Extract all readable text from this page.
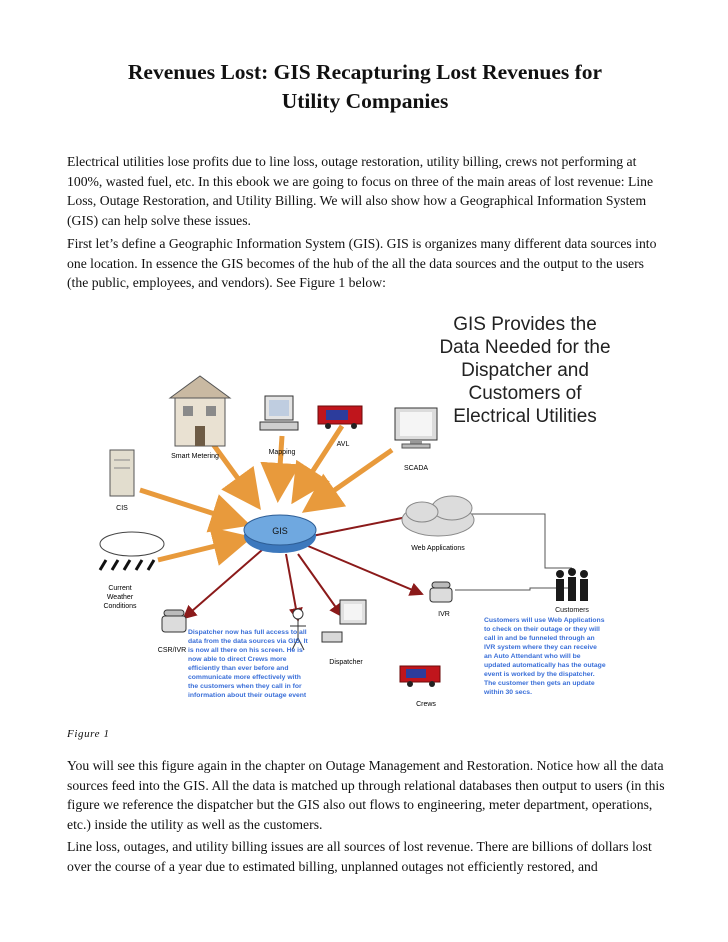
Revenues Lost: GIS Recapturing Lost Revenues for
Utility Companies

Electrical utilities lose profits due to line loss, outage restoration, utility billing, crews not performing at 100%, wasted fuel, etc. In this ebook we are going to focus on three of the main areas of lost revenue: Line Loss, Outage Restoration, and Utility Billing. We will also show how a Geographical Information System (GIS) can help solve these issues.

First let’s define a Geographic Information System (GIS). GIS is organizes many different data sources into one location. In essence the GIS becomes of the hub of the all the data sources and the output to the users (the public, employees, and vendors). See Figure 1 below:

GIS Provides the
Data Needed for the
Dispatcher and
Customers of
Electrical Utilities
GIS
Smart Metering
Mapping
AVL
SCADA
CIS
Current
Weather
Conditions
CSR/IVR
Dispatcher
Web Applications
IVR
Crews
Customers
Dispatcher now has full access to all
data from the data sources via GIS. It
is now all there on his screen. He is
now able to direct Crews more
efficiently than ever before and
communicate more effectively with
the customers when they call in for
information about their outage event
Customers will use Web Applications
to check on their outage or they will
call in and be funneled through an
IVR system where they can receive
an Auto Attendant who will be
updated automatically has the outage
event is worked by the dispatcher.
The customer then gets an update
within 30 secs.
Figure 1

You will see this figure again in the chapter on Outage Management and Restoration. Notice how all the data sources feed into the GIS. All the data is matched up through relational databases then output to users (in this figure we reference the dispatcher but the GIS also out flows to engineering, meter department, operations, etc.) inside the utility as well as the customers.

Line loss, outages, and utility billing issues are all sources of lost revenue. There are billions of dollars lost over the course of a year due to estimated billing, unplanned outages not efficiently restored, and
